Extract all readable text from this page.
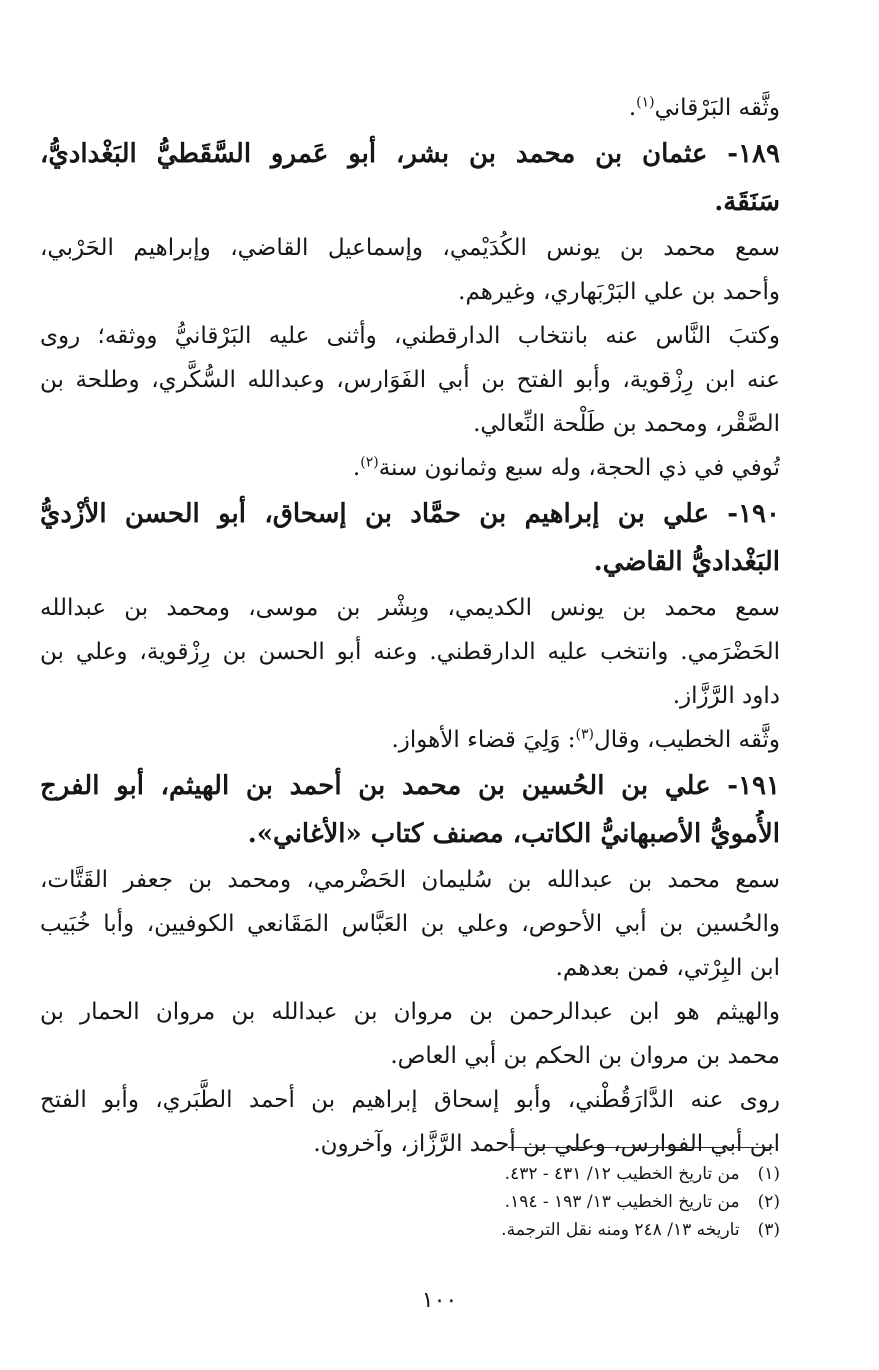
وثَّقه البَرْقاني$^{(١)}$.
١٨٩- عثمان بن محمد بن بشر، أبو عَمرو السَّقَطيُّ البَغْداديُّ،
سَنَقَة.
سمع محمد بن يونس الكُدَيْمي، وإسماعيل القاضي، وإبراهيم الحَرْبي،
وأحمد بن علي البَرْبَهاري، وغيرهم.
وكتبَ النَّاس عنه بانتخاب الدارقطني، وأثنى عليه البَرْقانيُّ ووثقه؛ روى
عنه ابن رِزْقوية، وأبو الفتح بن أبي الفَوَارس، وعبدالله السُّكَّري، وطلحة بن
الصَّقْر، ومحمد بن طَلْحة النِّعالي.
تُوفي في ذي الحجة، وله سبع وثمانون سنة$^{(٢)}$.
١٩٠- علي بن إبراهيم بن حمَّاد بن إسحاق، أبو الحسن الأزْديُّ
البَغْداديُّ القاضي.
سمع محمد بن يونس الكديمي، وبِشْر بن موسى، ومحمد بن عبدالله
الحَضْرَمي. وانتخب عليه الدارقطني. وعنه أبو الحسن بن رِزْقوية، وعلي بن
داود الرَّزَّاز.
وثَّقه الخطيب، وقال$^{(٣)}$: وَلِيَ قضاء الأهواز.
١٩١- علي بن الحُسين بن محمد بن أحمد بن الهيثم، أبو الفرج
الأُمويُّ الأصبهانيُّ الكاتب، مصنف كتاب «الأغاني».
سمع محمد بن عبدالله بن سُليمان الحَضْرمي، ومحمد بن جعفر القَتَّات،
والحُسين بن أبي الأحوص، وعلي بن العَبَّاس المَقَانعي الكوفيين، وأبا خُبَيب
ابن البِرْتي، فمن بعدهم.
والهيثم هو ابن عبدالرحمن بن مروان بن عبدالله بن مروان الحمار بن
محمد بن مروان بن الحكم بن أبي العاص.
روى عنه الدَّارَقُطْني، وأبو إسحاق إبراهيم بن أحمد الطَّبَري، وأبو الفتح
ابن أبي الفوارس، وعلي بن أحمد الرَّزَّاز، وآخرون.
(١)من تاريخ الخطيب ١٢/ ٤٣١ - ٤٣٢.
(٢)من تاريخ الخطيب ١٣/ ١٩٣ - ١٩٤.
(٣)تاريخه ١٣/ ٢٤٨ ومنه نقل الترجمة.
١٠٠
